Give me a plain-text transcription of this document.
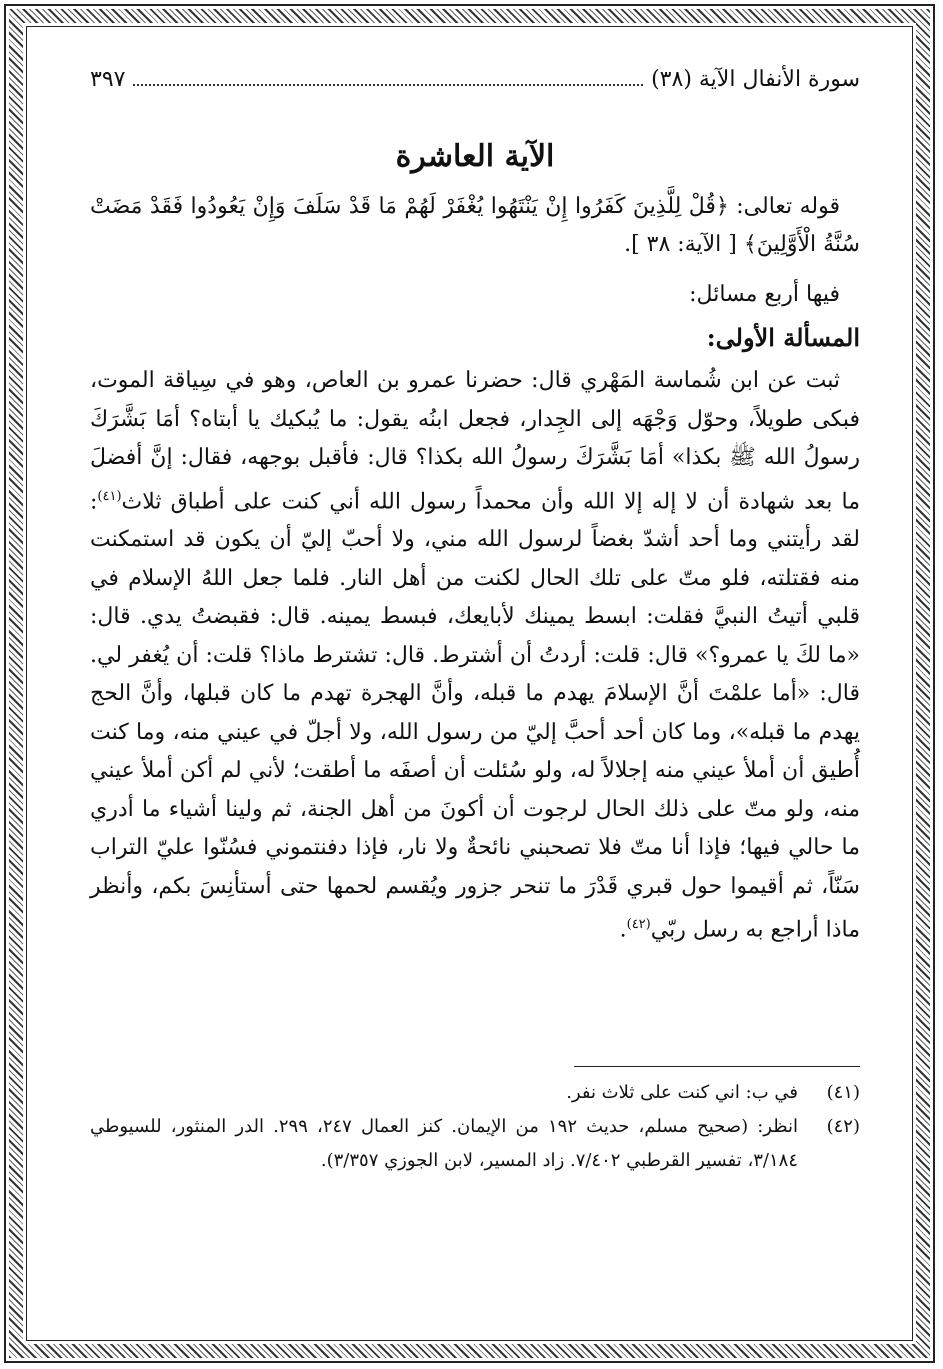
سورة الأنفال الآية (٣٨)
٣٩٧
الآية العاشرة

قوله تعالى: ﴿قُلْ لِلَّذِينَ كَفَرُوا إِنْ يَنْتَهُوا يُغْفَرْ لَهُمْ مَا قَدْ سَلَفَ وَإِنْ يَعُودُوا فَقَدْ مَضَتْ سُنَّةُ الْأَوَّلِينَ﴾ [ الآية: ٣٨ ].

فيها أربع مسائل:

المسألة الأولى:

ثبت عن ابن شُماسة المَهْري قال: حضرنا عمرو بن العاص، وهو في سِياقة الموت، فبكى طويلاً، وحوّل وَجْهَه إلى الجِدار، فجعل ابنُه يقول: ما يُبكيك يا أبتاه؟ أمَا بَشَّرَكَ رسولُ الله ﷺ بكذا» أمَا بَشَّرَكَ رسولُ الله بكذا؟ قال: فأقبل بوجهه، فقال: إنَّ أفضلَ ما بعد شهادة أن لا إله إلا الله وأن محمداً رسول الله أني كنت على أطباق ثلاث$^{(٤١)}$: لقد رأيتني وما أحد أشدّ بغضاً لرسول الله مني، ولا أحبّ إليّ أن يكون قد استمكنت منه فقتلته، فلو متّ على تلك الحال لكنت من أهل النار. فلما جعل اللهُ الإسلام في قلبي أتيتُ النبيَّ فقلت: ابسط يمينك لأبايعك، فبسط يمينه. قال: فقبضتُ يدي. قال: «ما لكَ يا عمرو؟» قال: قلت: أردتُ أن أشترط. قال: تشترط ماذا؟ قلت: أن يُغفر لي. قال: «أما علمْتَ أنَّ الإسلامَ يهدم ما قبله، وأنَّ الهجرة تهدم ما كان قبلها، وأنَّ الحج يهدم ما قبله»، وما كان أحد أحبَّ إليّ من رسول الله، ولا أجلّ في عيني منه، وما كنت أُطيق أن أملأ عيني منه إجلالاً له، ولو سُئلت أن أصفَه ما أطقت؛ لأني لم أكن أملأ عيني منه، ولو متّ على ذلك الحال لرجوت أن أكونَ من أهل الجنة، ثم ولينا أشياء ما أدري ما حالي فيها؛ فإذا أنا متّ فلا تصحبني نائحةٌ ولا نار، فإذا دفنتموني فسُنّوا عليّ التراب سَنّاً، ثم أقيموا حول قبري قَدْرَ ما تنحر جزور ويُقسم لحمها حتى أستأنِسَ بكم، وأنظر ماذا أراجع به رسل ربّي$^{(٤٢)}$.

(٤١)
في ب: اني كنت على ثلاث نفر.
(٤٢)
انظر: (صحيح مسلم، حديث ١٩٢ من الإيمان. كنز العمال ٢٤٧، ٢٩٩. الدر المنثور، للسيوطي ٣/١٨٤، تفسير القرطبي ٧/٤٠٢. زاد المسير، لابن الجوزي ٣/٣٥٧).
